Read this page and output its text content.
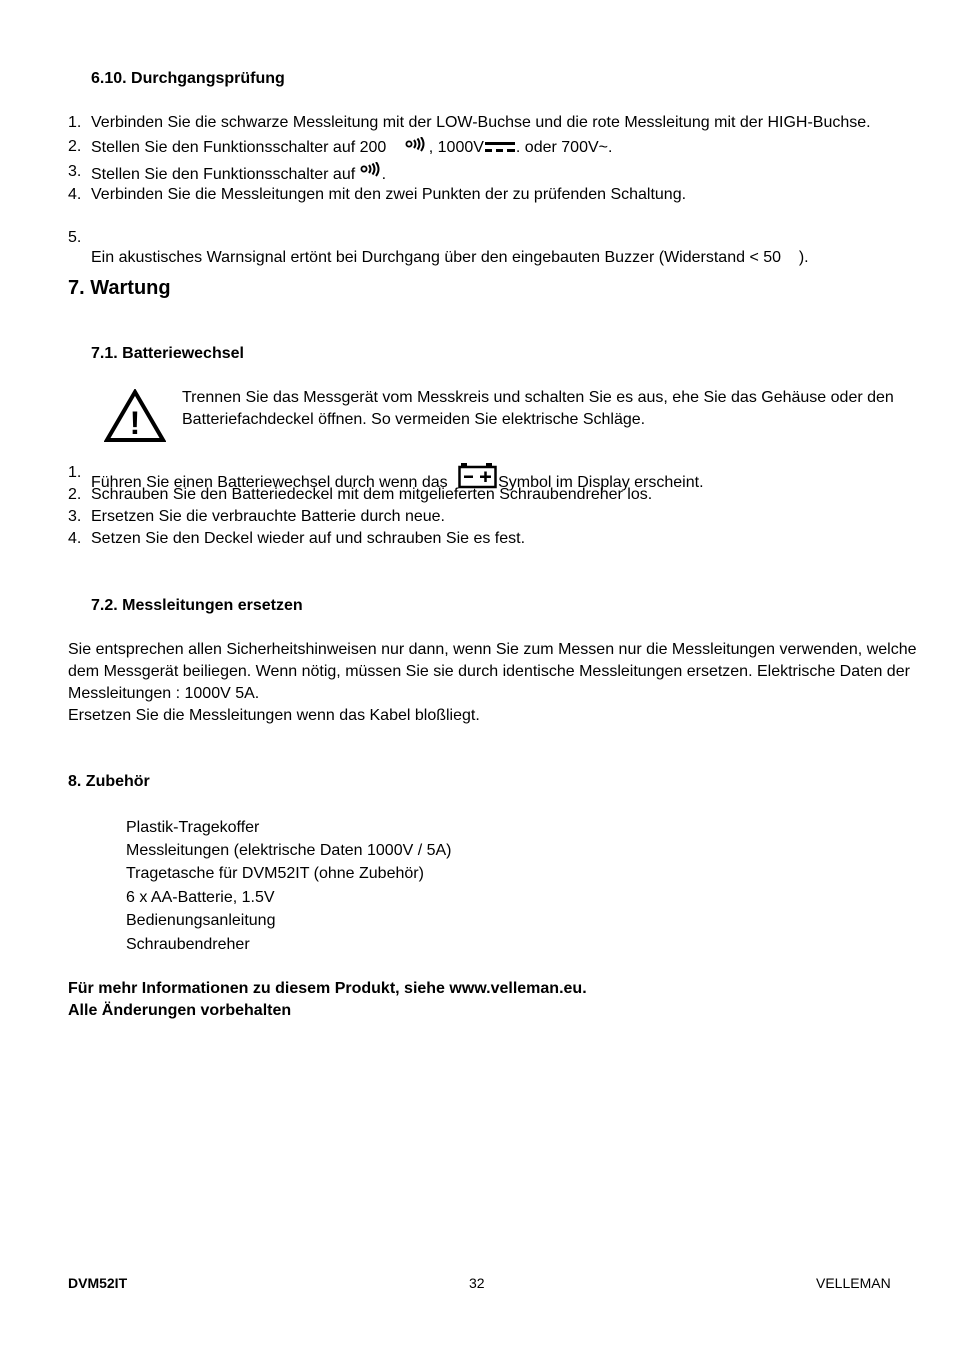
6.10. Durchgangsprüfung
1. Verbinden Sie die schwarze Messleitung mit der LOW-Buchse und die rote Messleitung mit der HIGH-Buchse.
2. Stellen Sie den Funktionsschalter auf 200	, 1000V . oder 700V~.
3. Stellen Sie den Funktionsschalter auf .
4. Verbinden Sie die Messleitungen mit den zwei Punkten der zu prüfenden Schaltung.

5.

Ein akustisches Warnsignal ertönt bei Durchgang über den eingebauten Buzzer (Widerstand < 50    ).

7. Wartung
7.1. Batteriewechsel
!
Trennen Sie das Messgerät vom Messkreis und schalten Sie es aus, ehe Sie das Gehäuse oder den
Batteriefachdeckel öffnen. So vermeiden Sie elektrische Schläge.
1.
Führen Sie einen Batteriewechsel durch wenn das	Symbol im Display erscheint.
2. Schrauben Sie den Batteriedeckel mit dem mitgelieferten Schraubendreher los.
3. Ersetzen Sie die verbrauchte Batterie durch neue.
4. Setzen Sie den Deckel wieder auf und schrauben Sie es fest.
7.2. Messleitungen ersetzen
Sie entsprechen allen Sicherheitshinweisen nur dann, wenn Sie zum Messen nur die Messleitungen verwenden, welche
dem Messgerät beiliegen. Wenn nötig, müssen Sie sie durch identische Messleitungen ersetzen. Elektrische Daten der
Messleitungen : 1000V 5A.
Ersetzen Sie die Messleitungen wenn das Kabel bloßliegt.
8. Zubehör
Plastik-Tragekoffer
Messleitungen (elektrische Daten 1000V / 5A)
Tragetasche für DVM52IT (ohne Zubehör)
6 x AA-Batterie, 1.5V
Bedienungsanleitung
Schraubendreher
Für mehr Informationen zu diesem Produkt, siehe www.velleman.eu.
Alle Änderungen vorbehalten
DVM52IT	32	VELLEMAN
